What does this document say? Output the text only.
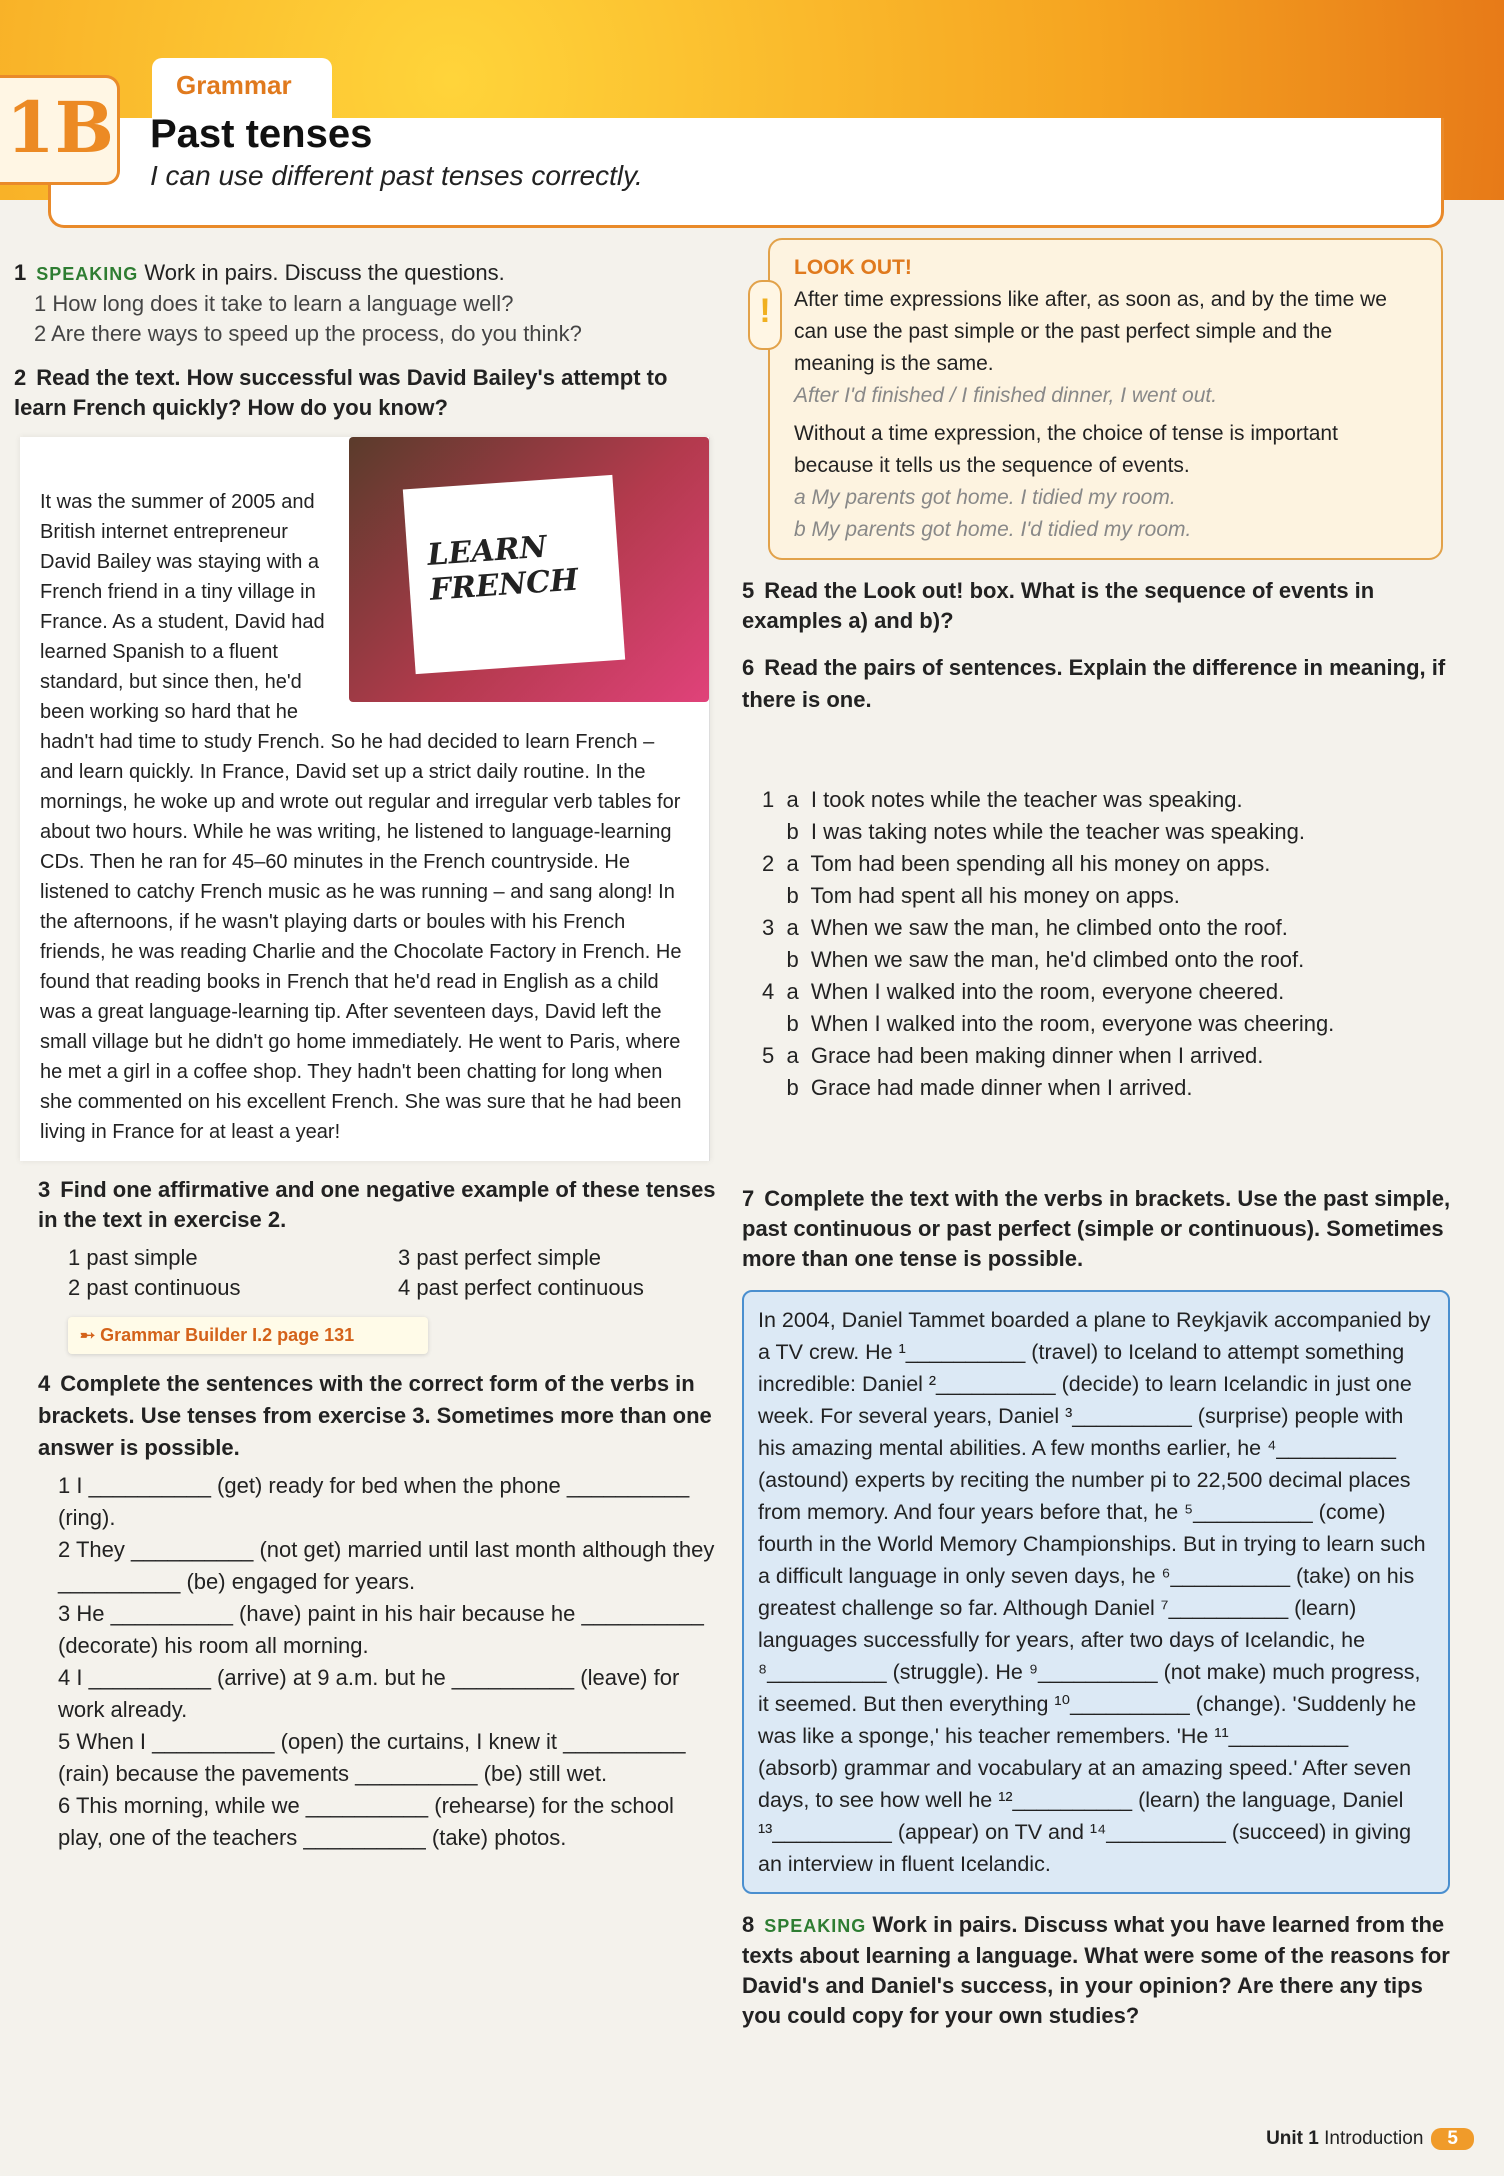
1B
Grammar
Past tenses
I can use different past tenses correctly.
1 SPEAKING Work in pairs. Discuss the questions.
1 How long does it take to learn a language well?
2 Are there ways to speed up the process, do you think?
2 Read the text. How successful was David Bailey's attempt to learn French quickly? How do you know?
LEARN FRENCH
It was the summer of 2005 and British internet entrepreneur David Bailey was staying with a French friend in a tiny village in France. As a student, David had learned Spanish to a fluent standard, but since then, he'd been working so hard that he hadn't had time to study French. So he had decided to learn French – and learn quickly. In France, David set up a strict daily routine. In the mornings, he woke up and wrote out regular and irregular verb tables for about two hours. While he was writing, he listened to language-learning CDs. Then he ran for 45–60 minutes in the French countryside. He listened to catchy French music as he was running – and sang along! In the afternoons, if he wasn't playing darts or boules with his French friends, he was reading Charlie and the Chocolate Factory in French. He found that reading books in French that he'd read in English as a child was a great language-learning tip. After seventeen days, David left the small village but he didn't go home immediately. He went to Paris, where he met a girl in a coffee shop. They hadn't been chatting for long when she commented on his excellent French. She was sure that he had been living in France for at least a year!
3 Find one affirmative and one negative example of these tenses in the text in exercise 2.
1 past simple	3 past perfect simple
2 past continuous	4 past perfect continuous
➸ Grammar Builder I.2 page 131
4 Complete the sentences with the correct form of the verbs in brackets. Use tenses from exercise 3. Sometimes more than one answer is possible.
1 I __________ (get) ready for bed when the phone __________ (ring).
2 They __________ (not get) married until last month although they __________ (be) engaged for years.
3 He __________ (have) paint in his hair because he __________ (decorate) his room all morning.
4 I __________ (arrive) at 9 a.m. but he __________ (leave) for work already.
5 When I __________ (open) the curtains, I knew it __________ (rain) because the pavements __________ (be) still wet.
6 This morning, while we __________ (rehearse) for the school play, one of the teachers __________ (take) photos.
!
LOOK OUT!
After time expressions like after, as soon as, and by the time we can use the past simple or the past perfect simple and the meaning is the same.
After I'd finished / I finished dinner, I went out.
Without a time expression, the choice of tense is important because it tells us the sequence of events.
a My parents got home. I tidied my room.
b My parents got home. I'd tidied my room.
5 Read the Look out! box. What is the sequence of events in examples a) and b)?
6 Read the pairs of sentences. Explain the difference in meaning, if there is one.

1  a  I took notes while the teacher was speaking.
b  I was taking notes while the teacher was speaking.
2  a  Tom had been spending all his money on apps.
b  Tom had spent all his money on apps.
3  a  When we saw the man, he climbed onto the roof.
b  When we saw the man, he'd climbed onto the roof.
4  a  When I walked into the room, everyone cheered.
b  When I walked into the room, everyone was cheering.
5  a  Grace had been making dinner when I arrived.
b  Grace had made dinner when I arrived.

7 Complete the text with the verbs in brackets. Use the past simple, past continuous or past perfect (simple or continuous). Sometimes more than one tense is possible.
In 2004, Daniel Tammet boarded a plane to Reykjavik accompanied by a TV crew. He ¹__________ (travel) to Iceland to attempt something incredible: Daniel ²__________ (decide) to learn Icelandic in just one week. For several years, Daniel ³__________ (surprise) people with his amazing mental abilities. A few months earlier, he ⁴__________ (astound) experts by reciting the number pi to 22,500 decimal places from memory. And four years before that, he ⁵__________ (come) fourth in the World Memory Championships. But in trying to learn such a difficult language in only seven days, he ⁶__________ (take) on his greatest challenge so far. Although Daniel ⁷__________ (learn) languages successfully for years, after two days of Icelandic, he ⁸__________ (struggle). He ⁹__________ (not make) much progress, it seemed. But then everything ¹⁰__________ (change). 'Suddenly he was like a sponge,' his teacher remembers. 'He ¹¹__________ (absorb) grammar and vocabulary at an amazing speed.' After seven days, to see how well he ¹²__________ (learn) the language, Daniel ¹³__________ (appear) on TV and ¹⁴__________ (succeed) in giving an interview in fluent Icelandic.
8 SPEAKING Work in pairs. Discuss what you have learned from the texts about learning a language. What were some of the reasons for David's and Daniel's success, in your opinion? Are there any tips you could copy for your own studies?
Unit 1 Introduction 5
